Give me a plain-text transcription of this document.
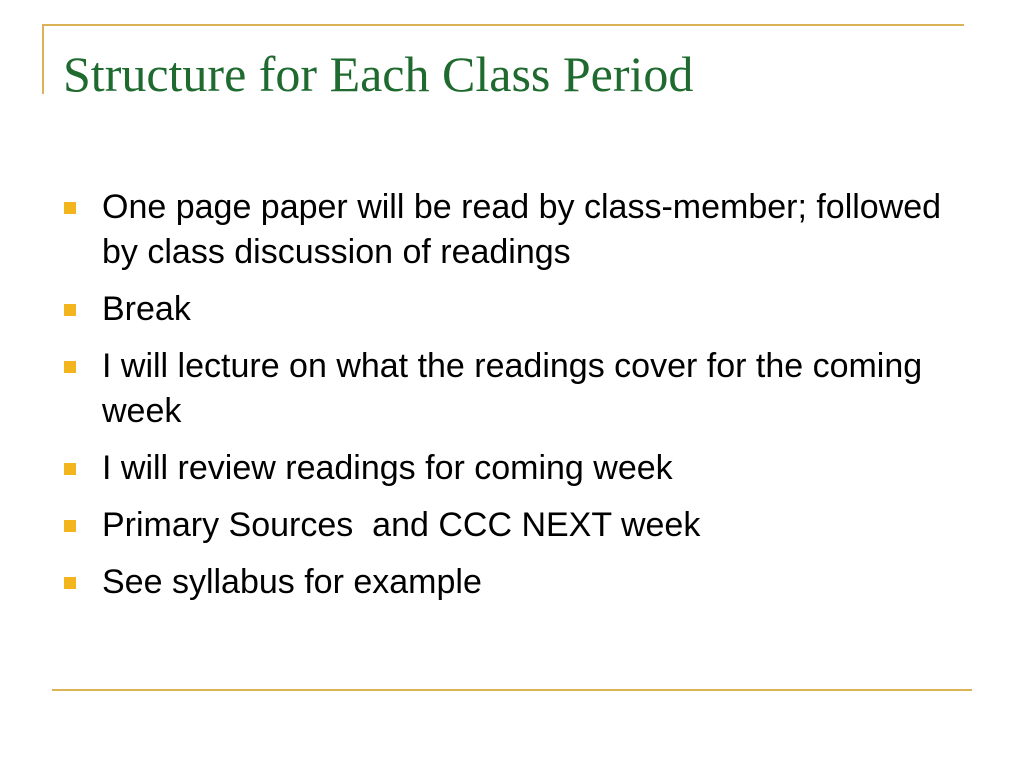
Structure for Each Class Period
One page paper will be read by class-member; followed by class discussion of readings
Break
I will lecture on what the readings cover for the coming week
I will review readings for coming week
Primary Sources  and CCC NEXT week
See syllabus for example
